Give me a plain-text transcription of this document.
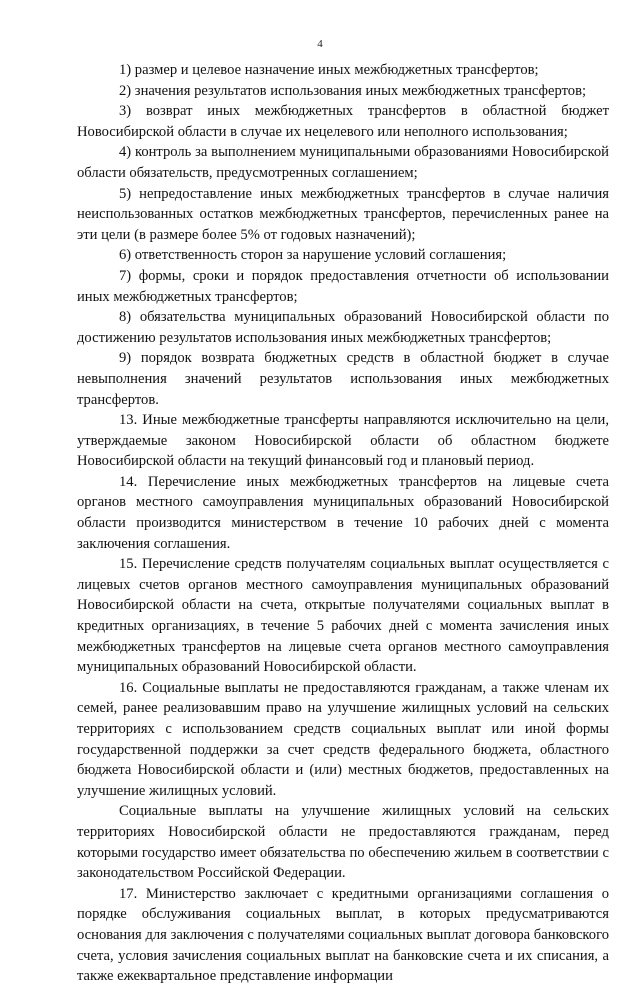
4

1) размер и целевое назначение иных межбюджетных трансфертов;

2) значения результатов использования иных межбюджетных трансфертов;

3) возврат иных межбюджетных трансфертов в областной бюджет Новосибирской области в случае их нецелевого или неполного использования;

4) контроль за выполнением муниципальными образованиями Новосибирской области обязательств, предусмотренных соглашением;

5) непредоставление иных межбюджетных трансфертов в случае наличия неиспользованных остатков межбюджетных трансфертов, перечисленных ранее на эти цели (в размере более 5% от годовых назначений);

6) ответственность сторон за нарушение условий соглашения;

7) формы, сроки и порядок предоставления отчетности об использовании иных межбюджетных трансфертов;

8) обязательства муниципальных образований Новосибирской области по достижению результатов использования иных межбюджетных трансфертов;

9) порядок возврата бюджетных средств в областной бюджет в случае невыполнения значений результатов использования иных межбюджетных трансфертов.

13. Иные межбюджетные трансферты направляются исключительно на цели, утверждаемые законом Новосибирской области об областном бюджете Новосибирской области на текущий финансовый год и плановый период.

14. Перечисление иных межбюджетных трансфертов на лицевые счета органов местного самоуправления муниципальных образований Новосибирской области производится министерством в течение 10 рабочих дней с момента заключения соглашения.

15. Перечисление средств получателям социальных выплат осуществляется с лицевых счетов органов местного самоуправления муниципальных образований Новосибирской области на счета, открытые получателями социальных выплат в кредитных организациях, в течение 5 рабочих дней с момента зачисления иных межбюджетных трансфертов на лицевые счета органов местного самоуправления муниципальных образований Новосибирской области.

16. Социальные выплаты не предоставляются гражданам, а также членам их семей, ранее реализовавшим право на улучшение жилищных условий на сельских территориях с использованием средств социальных выплат или иной формы государственной поддержки за счет средств федерального бюджета, областного бюджета Новосибирской области и (или) местных бюджетов, предоставленных на улучшение жилищных условий.

Социальные выплаты на улучшение жилищных условий на сельских территориях Новосибирской области не предоставляются гражданам, перед которыми государство имеет обязательства по обеспечению жильем в соответствии с законодательством Российской Федерации.

17. Министерство заключает с кредитными организациями соглашения о порядке обслуживания социальных выплат, в которых предусматриваются основания для заключения с получателями социальных выплат договора банковского счета, условия зачисления социальных выплат на банковские счета и их списания, а также ежеквартальное представление информации
